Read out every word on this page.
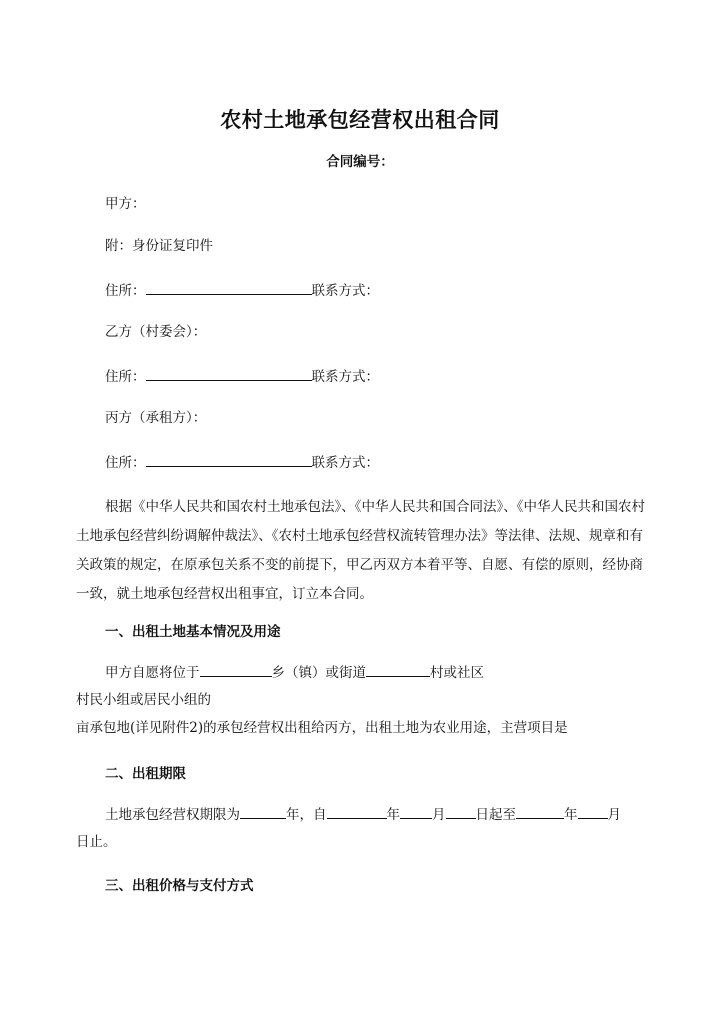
农村土地承包经营权出租合同
合同编号：
甲方：
附：身份证复印件
住所：	联系方式：
乙方（村委会）：
住所：	联系方式：
丙方（承租方）：
住所：	联系方式：
根据《中华人民共和国农村土地承包法》、《中华人民共和国合同法》、《中华人民共和国农村土地承包经营纠纷调解仲裁法》、《农村土地承包经营权流转管理办法》等法律、法规、规章和有关政策的规定，在原承包关系不变的前提下，甲乙丙双方本着平等、自愿、有偿的原则，经协商一致，就土地承包经营权出租事宜，订立本合同。
一、出租土地基本情况及用途
甲方自愿将位于	乡（镇）或街道	村或社区
村民小组或居民小组的
亩承包地(详见附件2)的承包经营权出租给丙方，出租土地为农业用途，主营项目是
二、出租期限
土地承包经营权期限为	年，自	年 月 日起至	年 月
日止。
三、出租价格与支付方式
